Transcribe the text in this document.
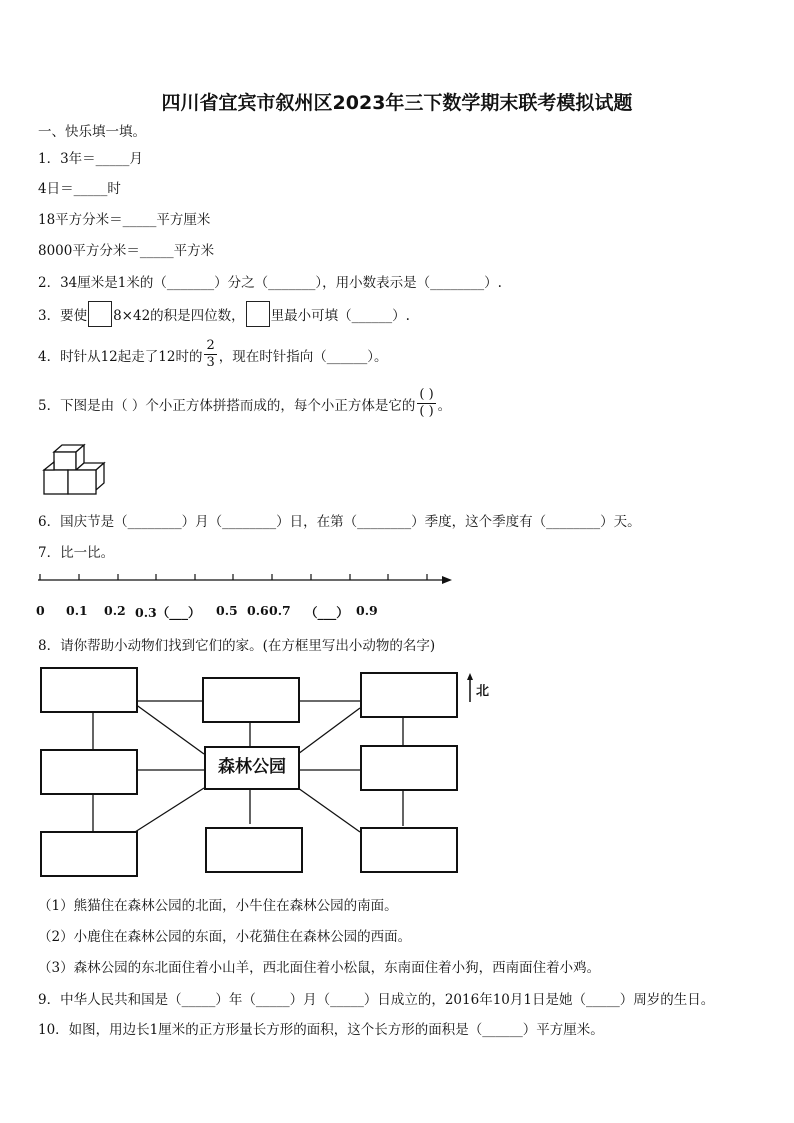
四川省宜宾市叙州区2023年三下数学期末联考模拟试题
一、快乐填一填。
1．3年＝_____月
4日＝_____时
18平方分米＝_____平方厘米
8000平方分米＝_____平方米
2．34厘米是1米的（_______）分之（_______），用小数表示是（________）.
3．要使 8×42的积是四位数， 里最小可填（______）.
4．时针从12起走了12时的 $\frac{2}{3}$ ，现在时针指向（______）。
5．下图是由（ ）个小正方体拼搭而成的，每个小正方体是它的 $\frac{( )}{( )}$ 。
6．国庆节是（________）月（________）日，在第（________）季度，这个季度有（________）天。
7．比一比。
0 0.1 0.2 0.3（___） 0.5 0.6 0.7 （___） 0.9
8．请你帮助小动物们找到它们的家。(在方框里写出小动物的名字)
森林公园
北
（1）熊猫住在森林公园的北面，小牛住在森林公园的南面。
（2）小鹿住在森林公园的东面，小花猫住在森林公园的西面。
（3）森林公园的东北面住着小山羊，西北面住着小松鼠，东南面住着小狗，西南面住着小鸡。
9．中华人民共和国是（_____）年（_____）月（_____）日成立的，2016年10月1日是她（_____）周岁的生日。
10．如图，用边长1厘米的正方形量长方形的面积，这个长方形的面积是（______）平方厘米。
